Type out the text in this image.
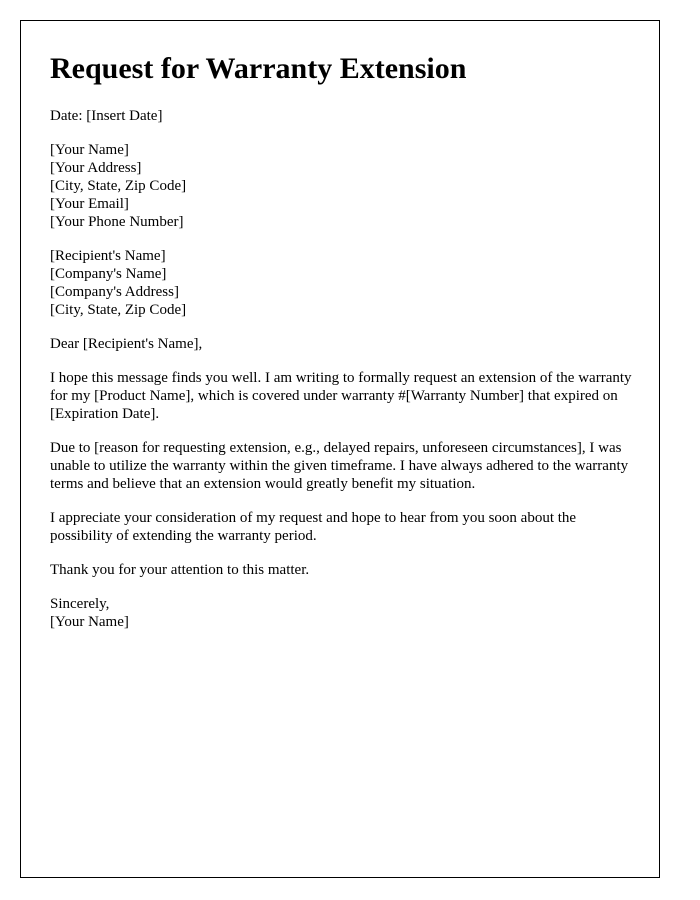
Request for Warranty Extension

Date: [Insert Date]

[Your Name]
[Your Address]
[City, State, Zip Code]
[Your Email]
[Your Phone Number]

[Recipient's Name]
[Company's Name]
[Company's Address]
[City, State, Zip Code]

Dear [Recipient's Name],

I hope this message finds you well. I am writing to formally request an extension of the warranty for my [Product Name], which is covered under warranty #[Warranty Number] that expired on [Expiration Date].

Due to [reason for requesting extension, e.g., delayed repairs, unforeseen circumstances], I was unable to utilize the warranty within the given timeframe. I have always adhered to the warranty terms and believe that an extension would greatly benefit my situation.

I appreciate your consideration of my request and hope to hear from you soon about the possibility of extending the warranty period.

Thank you for your attention to this matter.

Sincerely,
[Your Name]
